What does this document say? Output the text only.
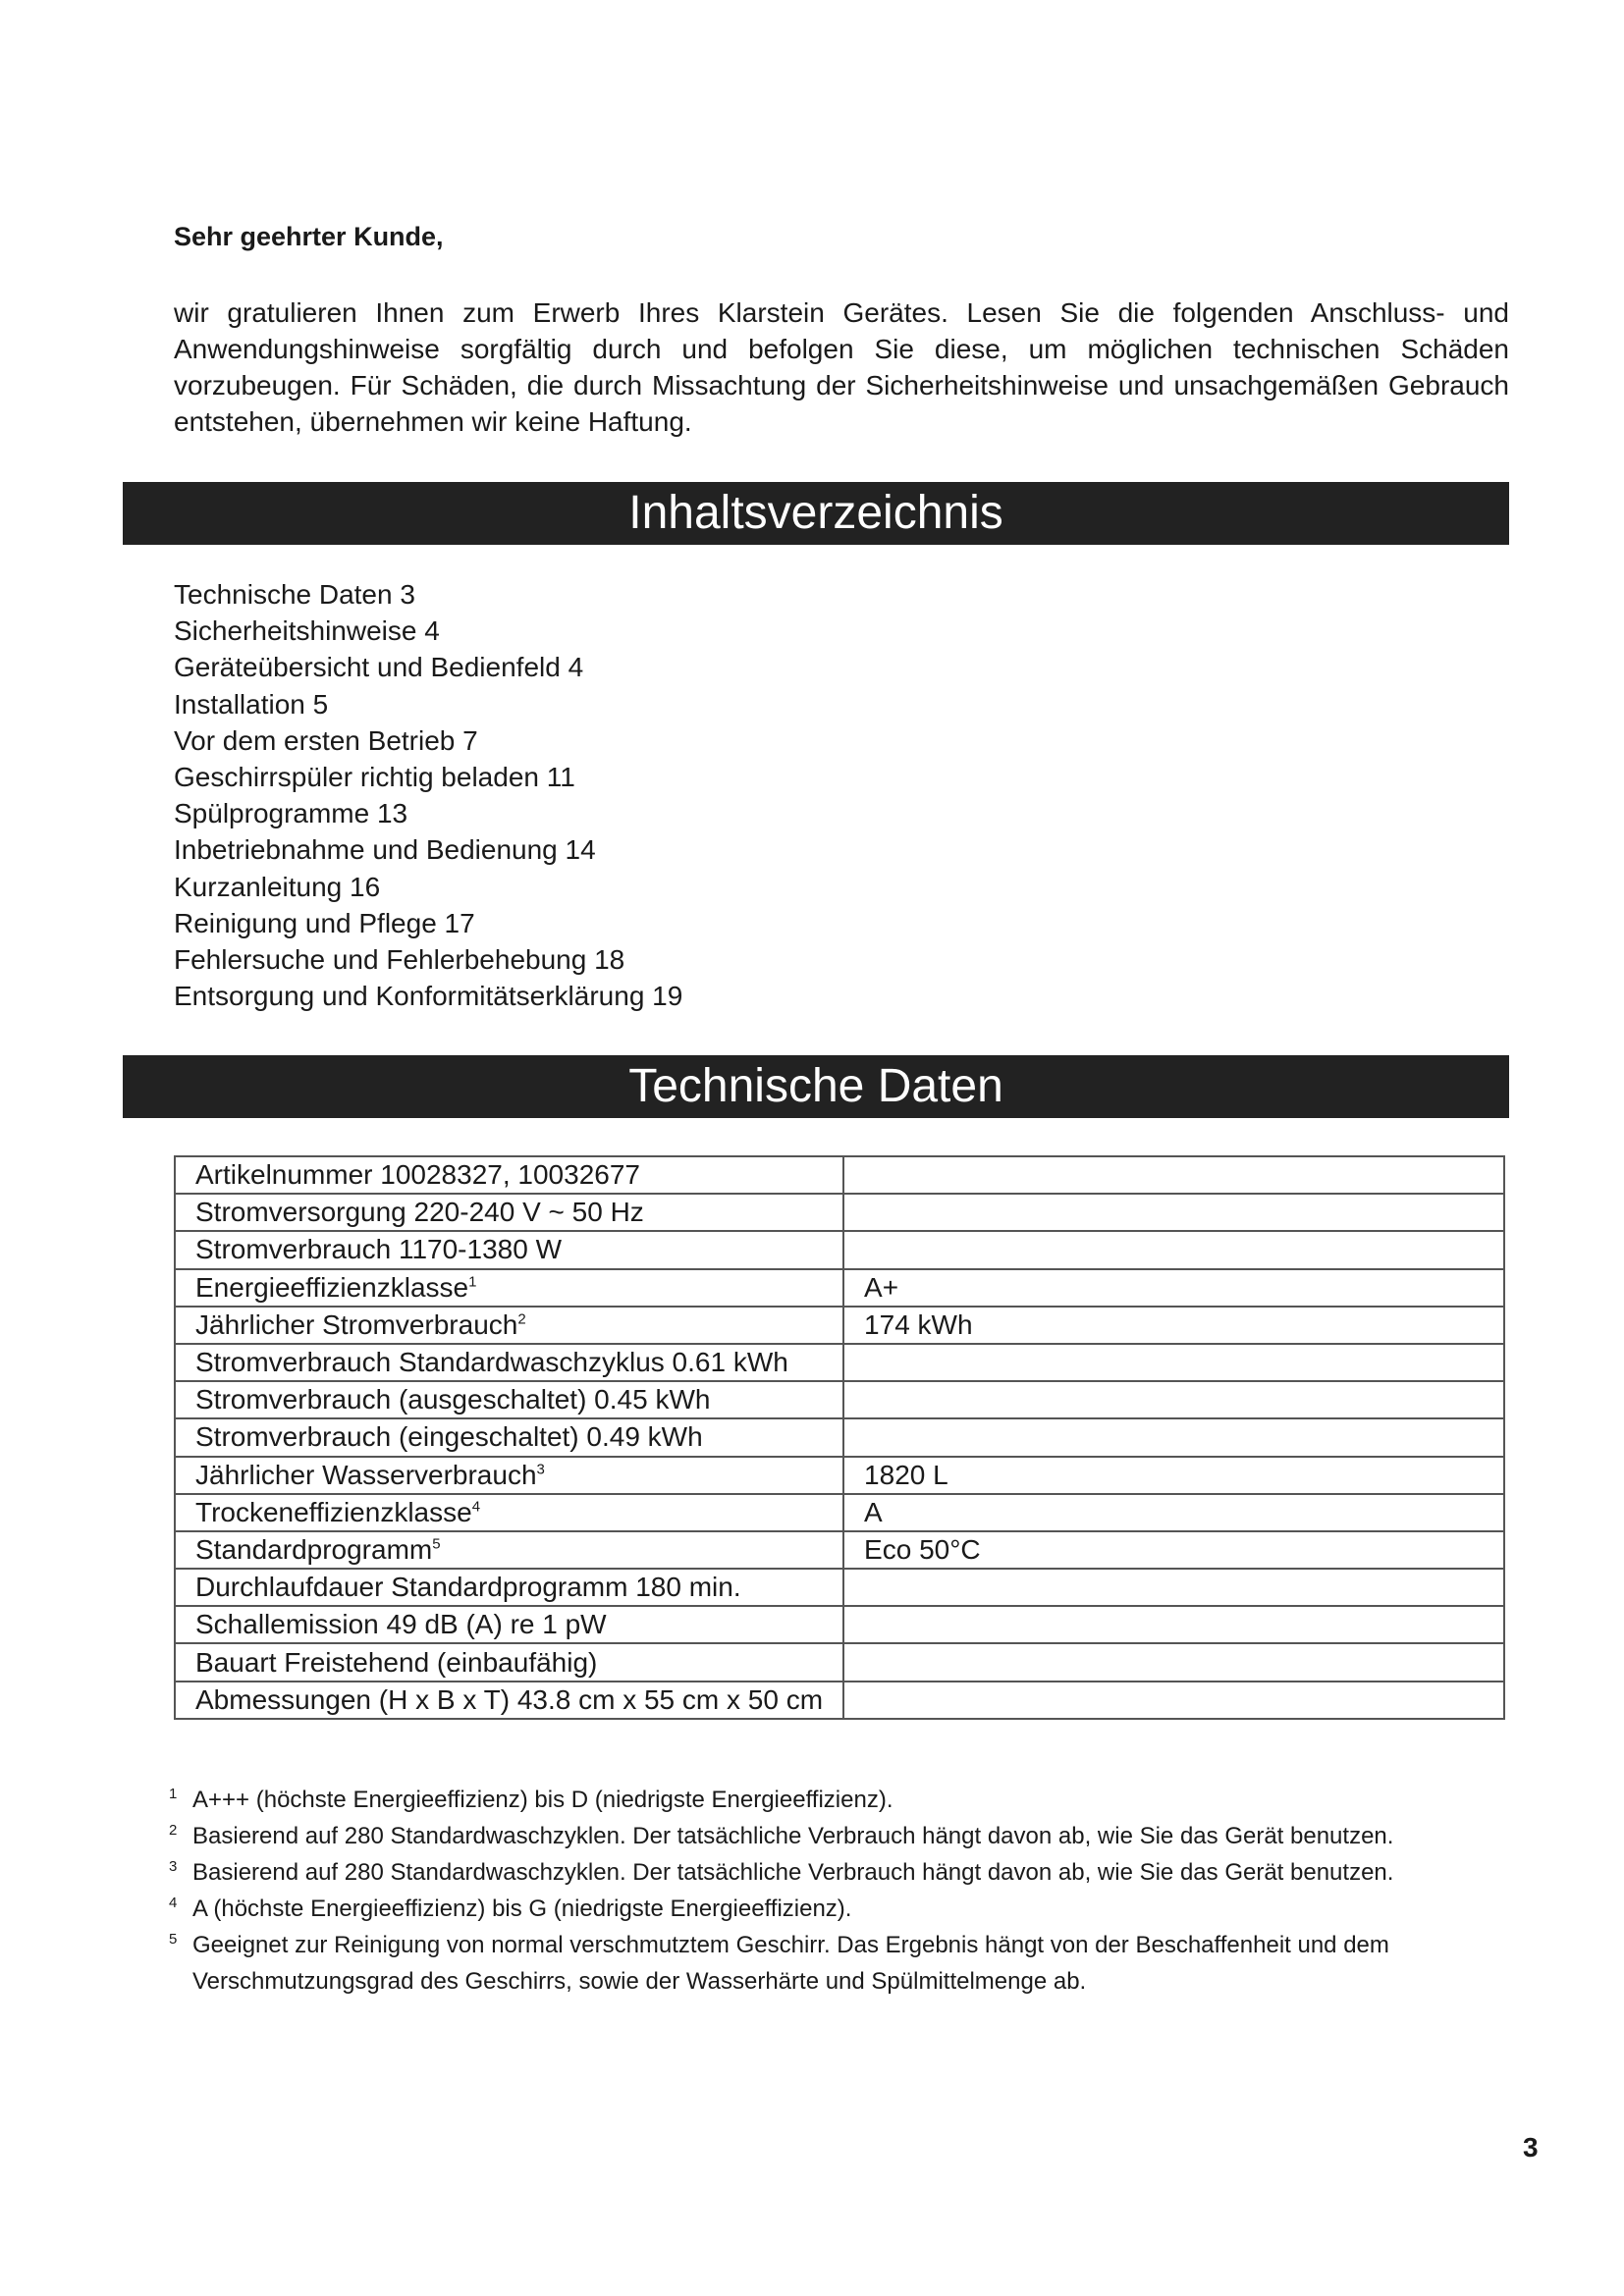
Sehr geehrter Kunde,

wir gratulieren Ihnen zum Erwerb Ihres Klarstein Gerätes. Lesen Sie die folgenden Anschluss- und Anwendungshinweise sorgfältig durch und befolgen Sie diese, um möglichen technischen Schäden vorzubeugen. Für Schäden, die durch Missachtung der Sicherheitshinweise und unsachgemäßen Gebrauch entstehen, übernehmen wir keine Haftung.

Inhaltsverzeichnis
Technische Daten 3
Sicherheitshinweise 4
Geräteübersicht und Bedienfeld 4
Installation 5
Vor dem ersten Betrieb 7
Geschirrspüler richtig beladen 11
Spülprogramme 13
Inbetriebnahme und Bedienung 14
Kurzanleitung 16
Reinigung und Pflege 17
Fehlersuche und Fehlerbehebung 18
Entsorgung und Konformitätserklärung 19
Technische Daten
Artikelnummer 10028327, 10032677	
Stromversorgung 220-240 V ~ 50 Hz	
Stromverbrauch 1170-1380 W	
Energieeffizienzklasse$^1$	A+
Jährlicher Stromverbrauch$^2$	174 kWh
Stromverbrauch Standardwaschzyklus 0.61 kWh	
Stromverbrauch (ausgeschaltet) 0.45 kWh	
Stromverbrauch (eingeschaltet) 0.49 kWh	
Jährlicher Wasserverbrauch$^3$	1820 L
Trockeneffizienzklasse$^4$	A
Standardprogramm$^5$	Eco 50°C
Durchlaufdauer Standardprogramm 180 min.	
Schallemission 49 dB (A) re 1 pW	
Bauart Freistehend (einbaufähig)	
Abmessungen (H x B x T) 43.8 cm x 55 cm x 50 cm	
1 A+++ (höchste Energieeffizienz) bis D (niedrigste Energieeffizienz).
2 Basierend auf 280 Standardwaschzyklen. Der tatsächliche Verbrauch hängt davon ab, wie Sie das Gerät benutzen.
3 Basierend auf 280 Standardwaschzyklen. Der tatsächliche Verbrauch hängt davon ab, wie Sie das Gerät benutzen.
4 A (höchste Energieeffizienz) bis G (niedrigste Energieeffizienz).
5 Geeignet zur Reinigung von normal verschmutztem Geschirr. Das Ergebnis hängt von der Beschaffenheit und dem Verschmutzungsgrad des Geschirrs, sowie der Wasserhärte und Spülmittelmenge ab.

3
